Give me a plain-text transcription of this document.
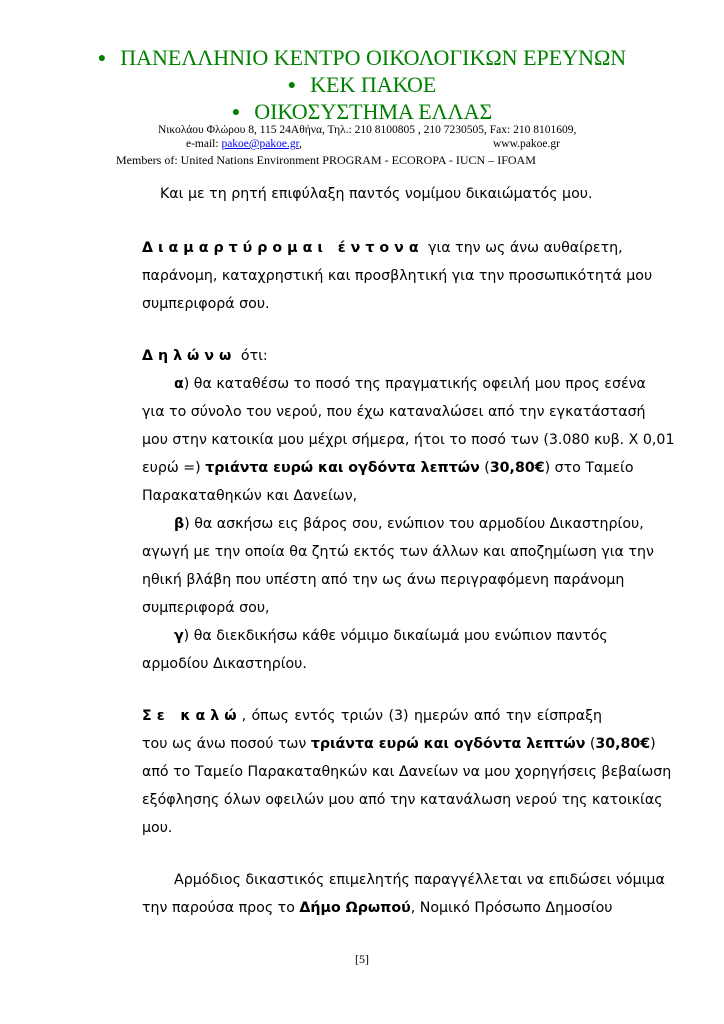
● ΠΑΝΕΛΛΗΝΙΟ ΚΕΝΤΡΟ ΟΙΚΟΛΟΓΙΚΩΝ ΕΡΕΥΝΩΝ
● ΚΕΚ ΠΑΚΟΕ
● ΟΙΚΟΣΥΣΤΗΜΑ ΕΛΛΑΣ
Νικολάου Φλώρου 8, 115 24Αθήνα, Τηλ.: 210 8100805 , 210 7230505, Fax: 210 8101609,
e-mail: pakoe@pakoe.gr,	www.pakoe.gr
Members of: United Nations Environment PROGRAM - ECOROPA - IUCN – IFOAM
Και με τη ρητή επιφύλαξη παντός νομίμου δικαιώματός μου.
Διαμαρτύρομαι έντονα για την ως άνω αυθαίρετη,
παράνομη, καταχρηστική και προσβλητική για την προσωπικότητά μου
συμπεριφορά σου.
Δηλώνω ότι:
α) θα καταθέσω το ποσό της πραγματικής οφειλή μου προς εσένα
για το σύνολο του νερού, που έχω καταναλώσει από την εγκατάστασή
μου στην κατοικία μου μέχρι σήμερα, ήτοι το ποσό των (3.080 κυβ. Χ 0,01
ευρώ =) τριάντα ευρώ και ογδόντα λεπτών (30,80€) στο Ταμείο
Παρακαταθηκών και Δανείων,
β) θα ασκήσω εις βάρος σου, ενώπιον του αρμοδίου Δικαστηρίου,
αγωγή με την οποία θα ζητώ εκτός των άλλων και αποζημίωση για την
ηθική βλάβη που υπέστη από την ως άνω περιγραφόμενη παράνομη
συμπεριφορά σου,
γ) θα διεκδικήσω κάθε νόμιμο δικαίωμά μου ενώπιον παντός
αρμοδίου Δικαστηρίου.
Σε καλώ, όπως εντός τριών (3) ημερών από την είσπραξη
του ως άνω ποσού των τριάντα ευρώ και ογδόντα λεπτών (30,80€)
από το Ταμείο Παρακαταθηκών και Δανείων να μου χορηγήσεις βεβαίωση
εξόφλησης όλων οφειλών μου από την κατανάλωση νερού της κατοικίας
μου.
Αρμόδιος δικαστικός επιμελητής παραγγέλλεται να επιδώσει νόμιμα
την παρούσα προς το Δήμο Ωρωπού, Νομικό Πρόσωπο Δημοσίου
[5]
